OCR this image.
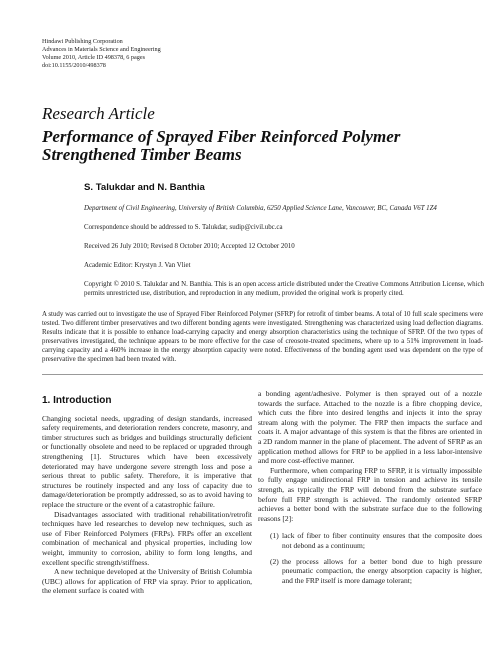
Hindawi Publishing Corporation
Advances in Materials Science and Engineering
Volume 2010, Article ID 498378, 6 pages
doi:10.1155/2010/498378
Research Article
Performance of Sprayed Fiber Reinforced Polymer Strengthened Timber Beams
S. Talukdar and N. Banthia
Department of Civil Engineering, University of British Columbia, 6250 Applied Science Lane, Vancouver, BC, Canada V6T 1Z4
Correspondence should be addressed to S. Talukdar, sudip@civil.ubc.ca
Received 26 July 2010; Revised 8 October 2010; Accepted 12 October 2010
Academic Editor: Krystyn J. Van Vliet
Copyright © 2010 S. Talukdar and N. Banthia. This is an open access article distributed under the Creative Commons Attribution License, which permits unrestricted use, distribution, and reproduction in any medium, provided the original work is properly cited.
A study was carried out to investigate the use of Sprayed Fiber Reinforced Polymer (SFRP) for retrofit of timber beams. A total of 10 full scale specimens were tested. Two different timber preservatives and two different bonding agents were investigated. Strengthening was characterized using load deflection diagrams. Results indicate that it is possible to enhance load-carrying capacity and energy absorption characteristics using the technique of SFRP. Of the two types of preservatives investigated, the technique appears to be more effective for the case of creosote-treated specimens, where up to a 51% improvement in load-carrying capacity and a 460% increase in the energy absorption capacity were noted. Effectiveness of the bonding agent used was dependent on the type of preservative the specimen had been treated with.
1. Introduction

Changing societal needs, upgrading of design standards, increased safety requirements, and deterioration renders concrete, masonry, and timber structures such as bridges and buildings structurally deficient or functionally obsolete and need to be replaced or upgraded through strengthening [1]. Structures which have been excessively deteriorated may have undergone severe strength loss and pose a serious threat to public safety. Therefore, it is imperative that structures be routinely inspected and any loss of capacity due to damage/deterioration be promptly addressed, so as to avoid having to replace the structure or the event of a catastrophic failure.

Disadvantages associated with traditional rehabilitation/retrofit techniques have led researches to develop new techniques, such as use of Fiber Reinforced Polymers (FRPs). FRPs offer an excellent combination of mechanical and physical properties, including low weight, immunity to corrosion, ability to form long lengths, and excellent specific strength/stiffness.

A new technique developed at the University of British Columbia (UBC) allows for application of FRP via spray. Prior to application, the element surface is coated with

a bonding agent/adhesive. Polymer is then sprayed out of a nozzle towards the surface. Attached to the nozzle is a fibre chopping device, which cuts the fibre into desired lengths and injects it into the spray stream along with the polymer. The FRP then impacts the surface and coats it. A major advantage of this system is that the fibres are oriented in a 2D random manner in the plane of placement. The advent of SFRP as an application method allows for FRP to be applied in a less labor-intensive and more cost-effective manner.

Furthermore, when comparing FRP to SFRP, it is virtually impossible to fully engage unidirectional FRP in tension and achieve its tensile strength, as typically the FRP will debond from the substrate surface before full FRP strength is achieved. The randomly oriented SFRP achieves a better bond with the substrate surface due to the following reasons [2]:

(1) lack of fiber to fiber continuity ensures that the composite does not debond as a continuum;
(2) the process allows for a better bond due to high pressure pneumatic compaction, the energy absorption capacity is higher, and the FRP itself is more damage tolerant;
